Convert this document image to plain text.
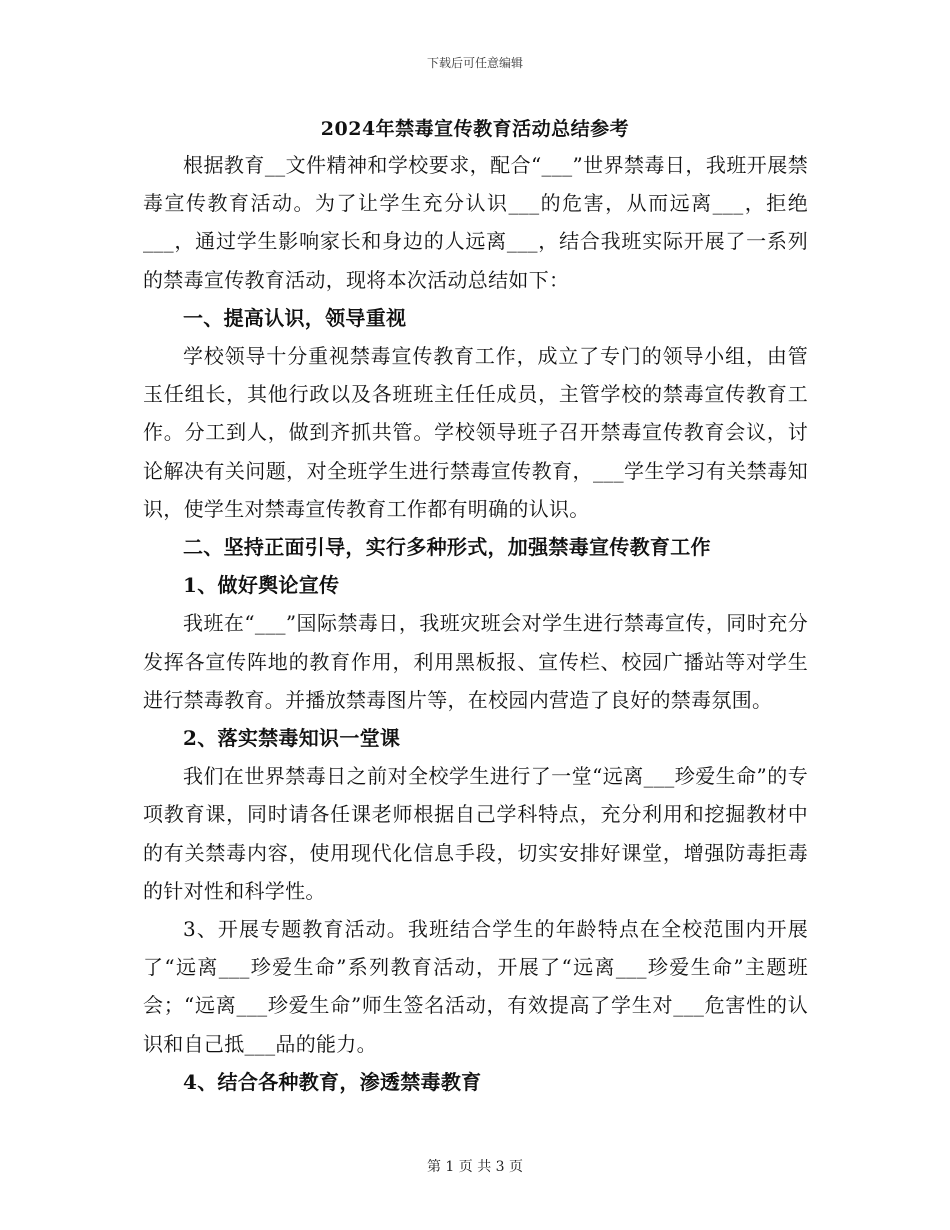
下载后可任意编辑
2024年禁毒宣传教育活动总结参考

根据教育__文件精神和学校要求，配合“___”世界禁毒日，我班开展禁毒宣传教育活动。为了让学生充分认识___的危害，从而远离___，拒绝___，通过学生影响家长和身边的人远离___，结合我班实际开展了一系列的禁毒宣传教育活动，现将本次活动总结如下：

一、提高认识，领导重视

学校领导十分重视禁毒宣传教育工作，成立了专门的领导小组，由管玉任组长，其他行政以及各班班主任任成员，主管学校的禁毒宣传教育工作。分工到人，做到齐抓共管。学校领导班子召开禁毒宣传教育会议，讨论解决有关问题，对全班学生进行禁毒宣传教育，___学生学习有关禁毒知识，使学生对禁毒宣传教育工作都有明确的认识。

二、坚持正面引导，实行多种形式，加强禁毒宣传教育工作

1、做好舆论宣传

我班在“___”国际禁毒日，我班灾班会对学生进行禁毒宣传，同时充分发挥各宣传阵地的教育作用，利用黑板报、宣传栏、校园广播站等对学生进行禁毒教育。并播放禁毒图片等，在校园内营造了良好的禁毒氛围。

2、落实禁毒知识一堂课

我们在世界禁毒日之前对全校学生进行了一堂“远离___珍爱生命”的专项教育课，同时请各任课老师根据自己学科特点，充分利用和挖掘教材中的有关禁毒内容，使用现代化信息手段，切实安排好课堂，增强防毒拒毒的针对性和科学性。

3、开展专题教育活动。我班结合学生的年龄特点在全校范围内开展了“远离___珍爱生命”系列教育活动，开展了“远离___珍爱生命”主题班会；“远离___珍爱生命”师生签名活动，有效提高了学生对___危害性的认识和自己抵___品的能力。

4、结合各种教育，渗透禁毒教育

第 1 页 共 3 页
